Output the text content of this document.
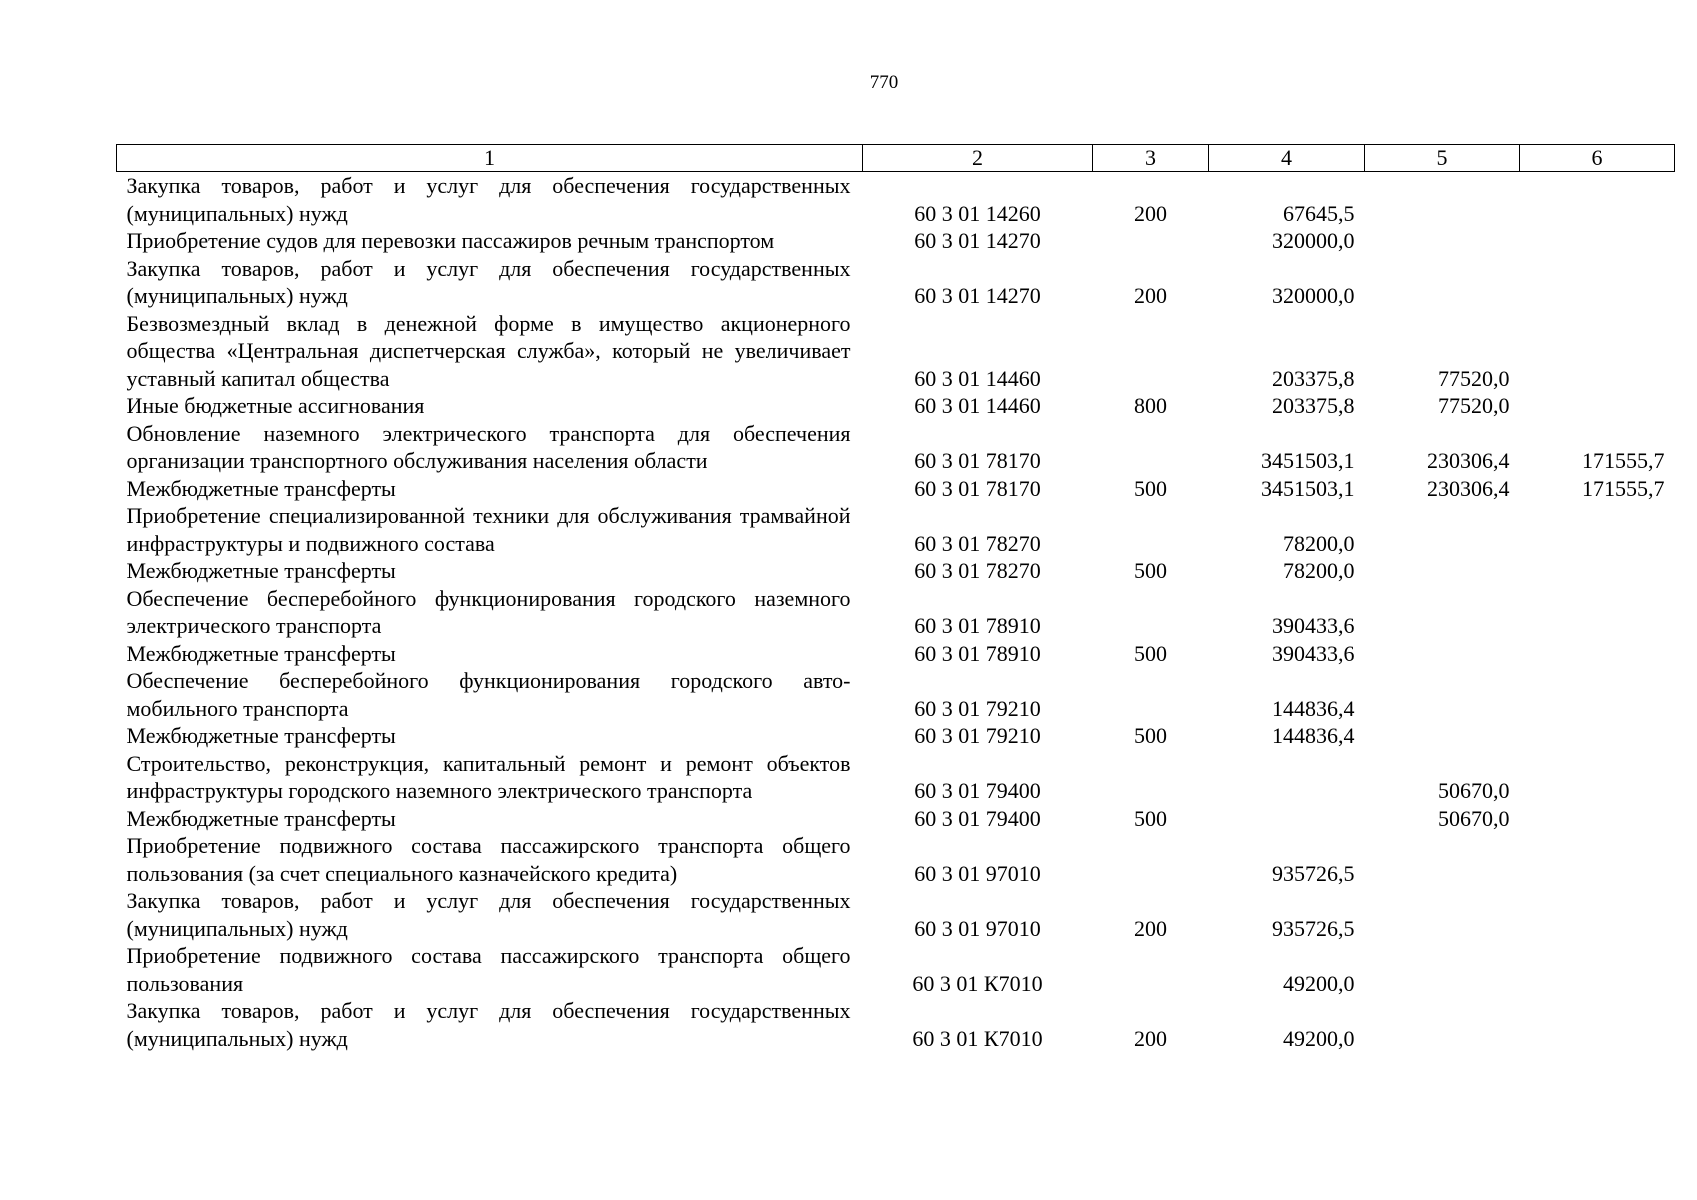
770
1	2	3	4	5	6
Закупка товаров, работ и услуг для обеспечения государственных (муниципальных) нужд	60 3 01 14260	200	67645,5		
Приобретение судов для перевозки пассажиров речным транспортом	60 3 01 14270		320000,0		
Закупка товаров, работ и услуг для обеспечения государственных (муниципальных) нужд	60 3 01 14270	200	320000,0		
Безвозмездный вклад в денежной форме в имущество акционерного общества «Центральная диспетчерская служба», который не увеличивает уставный капитал общества	60 3 01 14460		203375,8	77520,0	
Иные бюджетные ассигнования	60 3 01 14460	800	203375,8	77520,0	
Обновление наземного электрического транспорта для обеспечения организации транспортного обслуживания населения области	60 3 01 78170		3451503,1	230306,4	171555,7
Межбюджетные трансферты	60 3 01 78170	500	3451503,1	230306,4	171555,7
Приобретение специализированной техники для обслуживания трамвайной инфраструктуры и подвижного состава	60 3 01 78270		78200,0		
Межбюджетные трансферты	60 3 01 78270	500	78200,0		
Обеспечение бесперебойного функционирования городского наземного электрического транспорта	60 3 01 78910		390433,6		
Межбюджетные трансферты	60 3 01 78910	500	390433,6		
Обеспечение бесперебойного функционирования городского автомобильного транспорта	60 3 01 79210		144836,4		
Межбюджетные трансферты	60 3 01 79210	500	144836,4		
Строительство, реконструкция, капитальный ремонт и ремонт объектов инфраструктуры городского наземного электрического транспорта	60 3 01 79400			50670,0	
Межбюджетные трансферты	60 3 01 79400	500		50670,0	
Приобретение подвижного состава пассажирского транспорта общего пользования (за счет специального казначейского кредита)	60 3 01 97010		935726,5		
Закупка товаров, работ и услуг для обеспечения государственных (муниципальных) нужд	60 3 01 97010	200	935726,5		
Приобретение подвижного состава пассажирского транспорта общего пользования	60 3 01 К7010		49200,0		
Закупка товаров, работ и услуг для обеспечения государственных (муниципальных) нужд	60 3 01 К7010	200	49200,0		
